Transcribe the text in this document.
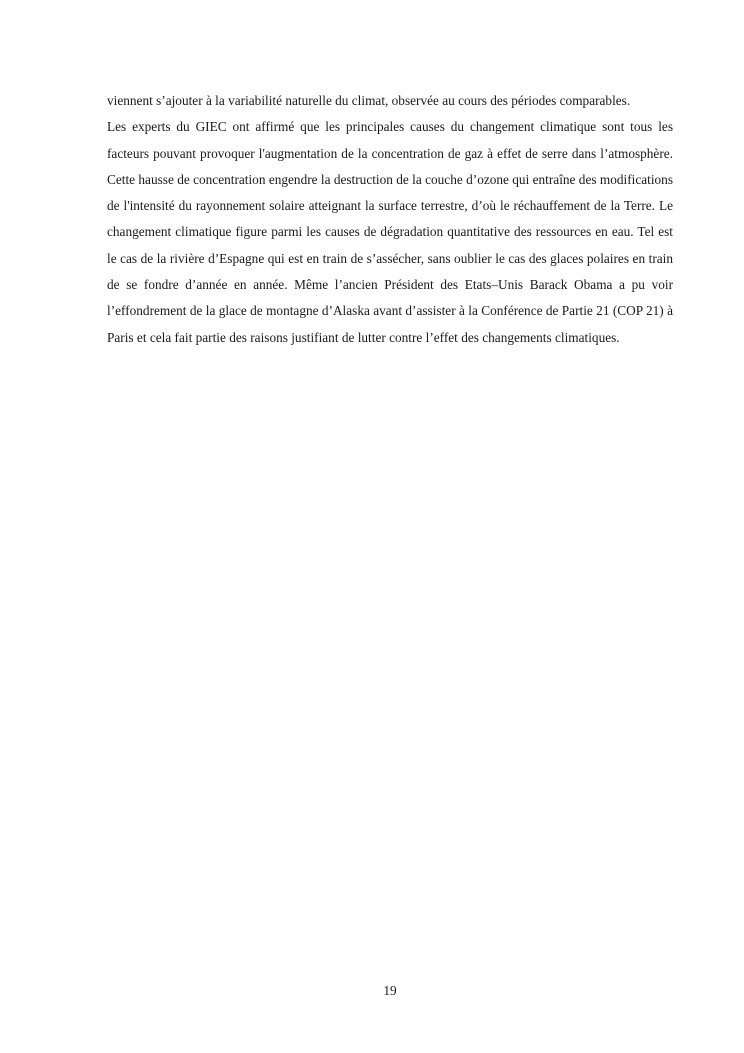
viennent s’ajouter à la variabilité naturelle du climat, observée au cours des périodes comparables.

Les experts du GIEC ont affirmé que les principales causes du changement climatique sont tous les facteurs pouvant provoquer l'augmentation de la concentration de gaz à effet de serre dans l’atmosphère. Cette hausse de concentration engendre la destruction de la couche d’ozone qui entraîne des modifications de l'intensité du rayonnement solaire atteignant la surface terrestre, d’où le réchauffement de la Terre. Le changement climatique figure parmi les causes de dégradation quantitative des ressources en eau. Tel est le cas de la rivière d’Espagne qui est en train de s’assécher, sans oublier le cas des glaces polaires en train de se fondre d’année en année. Même l’ancien Président des Etats–Unis Barack Obama a pu voir l’effondrement de la glace de montagne d’Alaska avant d’assister à la Conférence de Partie 21 (COP 21) à Paris et cela fait partie des raisons justifiant de lutter contre l’effet des changements climatiques.

19
